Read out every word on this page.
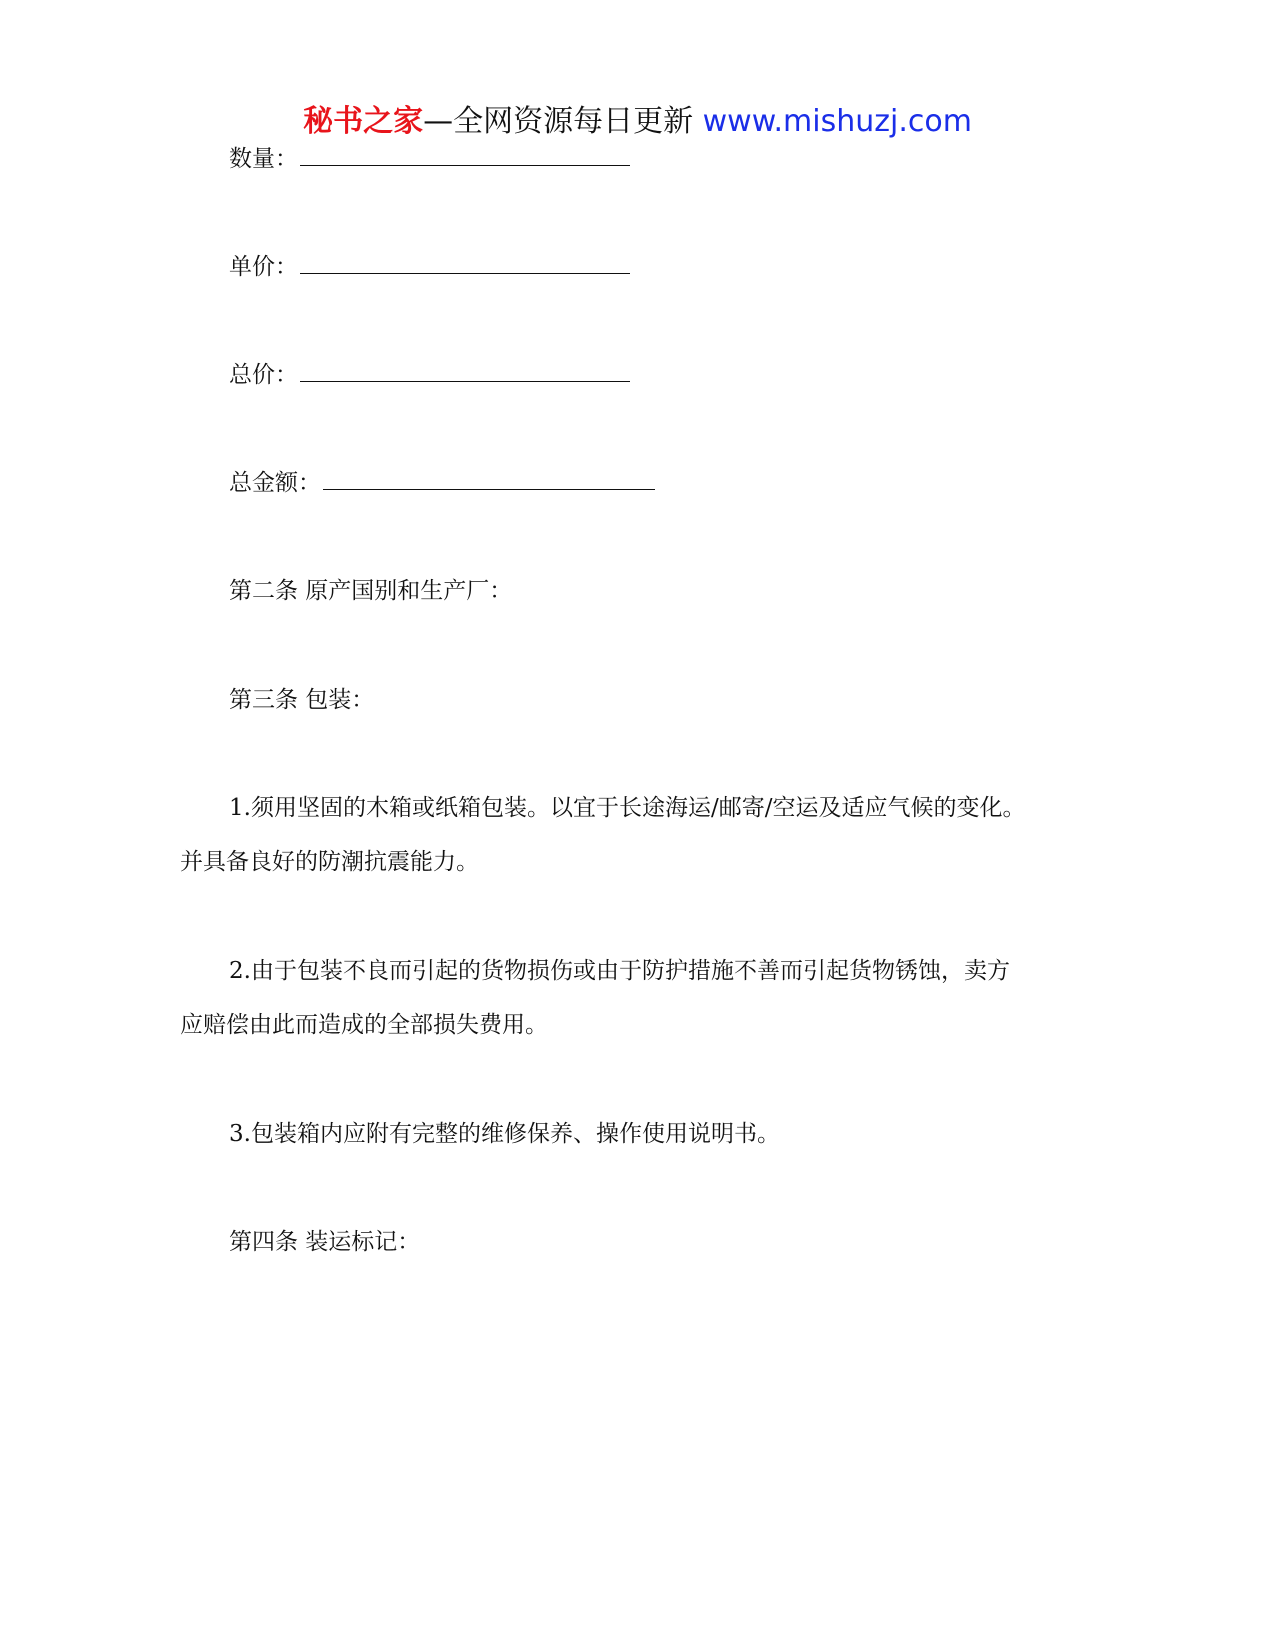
秘书之家—全网资源每日更新 www.mishuzj.com
数量：
单价：
总价：
总金额：
第二条 原产国别和生产厂：
第三条 包装：
1.须用坚固的木箱或纸箱包装。以宜于长途海运/邮寄/空运及适应气候的变化。
并具备良好的防潮抗震能力。
2.由于包装不良而引起的货物损伤或由于防护措施不善而引起货物锈蚀，卖方
应赔偿由此而造成的全部损失费用。
3.包装箱内应附有完整的维修保养、操作使用说明书。
第四条 装运标记：
